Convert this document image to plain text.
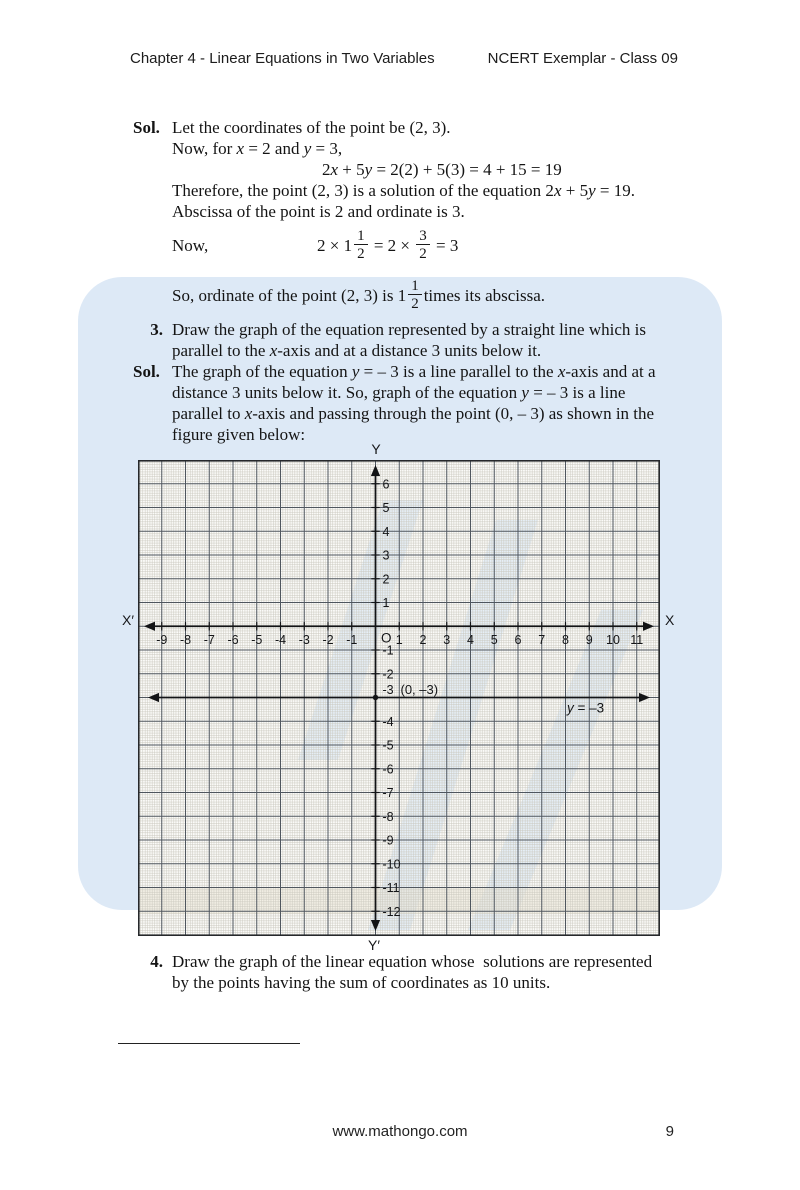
Chapter 4 - Linear Equations in Two Variables	NCERT Exemplar - Class 09
Sol. Let the coordinates of the point be (2, 3).
Now, for x = 2 and y = 3,
2x + 5y = 2(2) + 5(3) = 4 + 15 = 19
Therefore, the point (2, 3) is a solution of the equation 2x + 5y = 19.
Abscissa of the point is 2 and ordinate is 3.
Now,	$2 \times 1 \frac{1}{2} = 2 \times \frac{3}{2} = 3$
So, ordinate of the point (2, 3) is $1 \frac{1}{2}$ times its abscissa.
3. Draw the graph of the equation represented by a straight line which is
parallel to the x-axis and at a distance 3 units below it.
Sol. The graph of the equation y = – 3 is a line parallel to the x-axis and at a
distance 3 units below it. So, graph of the equation y = – 3 is a line
parallel to x-axis and passing through the point (0, – 3) as shown in the
figure given below:
Y
Y′
X′	X
-9 -8 -7 -6 -5 -4 -3 -2 -1	1 2 3 4 5 6 7 8 9 10 11
6
5
4
3
2
1
-1
-2
-3
-4
-5
-6
-7
-8
-9
-10
-11
-12
O
(0, –3)
y = –3
4. Draw the graph of the linear equation whose  solutions are represented
by the points having the sum of coordinates as 10 units.
www.mathongo.com	9
